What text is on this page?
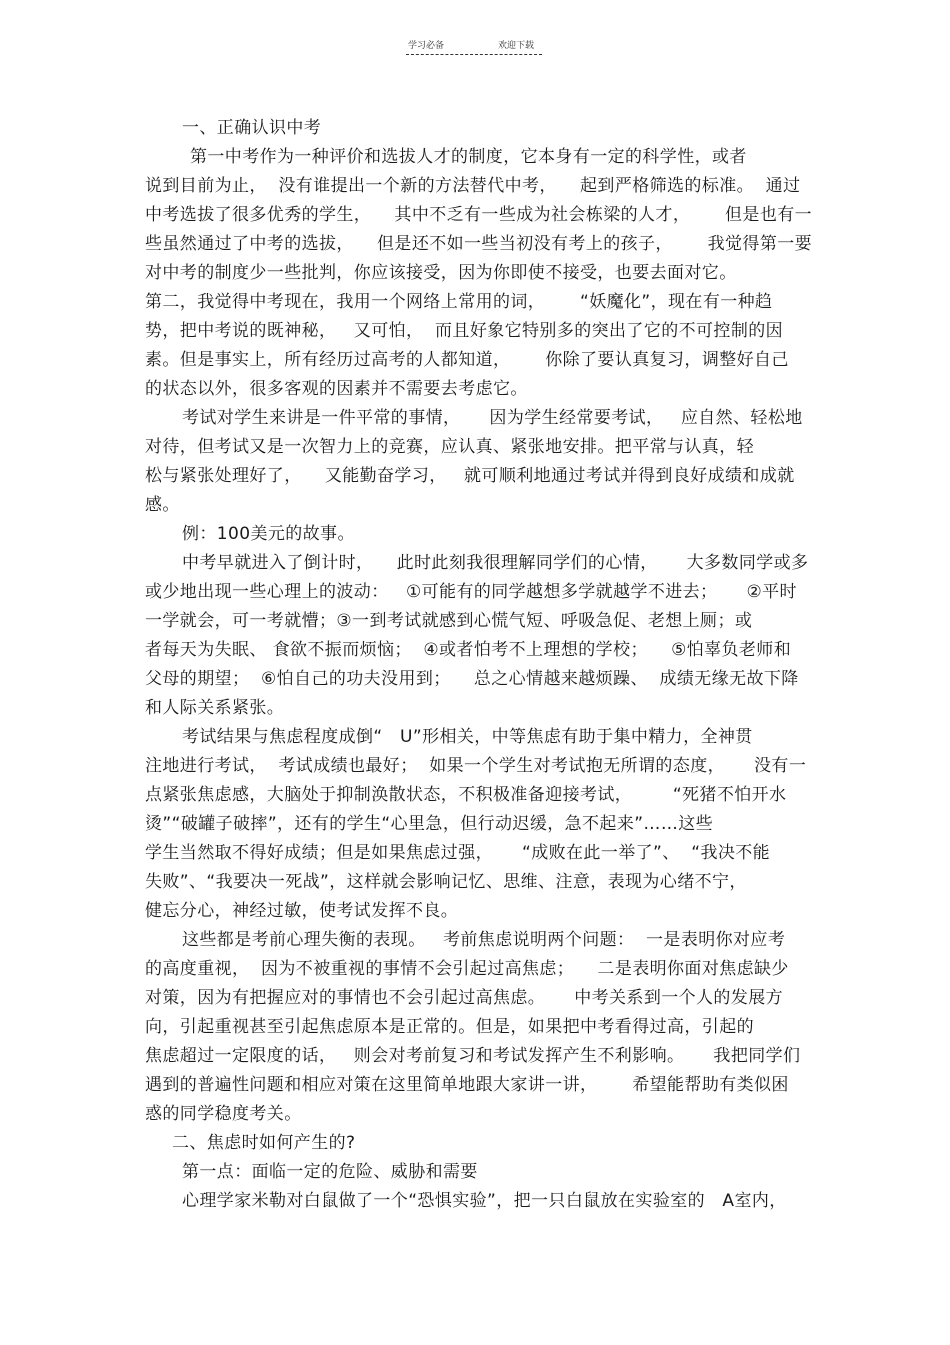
学习必备	欢迎下载
一、正确认识中考
第一中考作为一种评价和选拔人才的制度，它本身有一定的科学性，或者
说到目前为止，  没有谁提出一个新的方法替代中考，    起到严格筛选的标准。  通过
中考选拔了很多优秀的学生，    其中不乏有一些成为社会栋梁的人才，      但是也有一
些虽然通过了中考的选拔，    但是还不如一些当初没有考上的孩子，      我觉得第一要
对中考的制度少一些批判，你应该接受，因为你即使不接受，也要去面对它。
第二，我觉得中考现在，我用一个网络上常用的词，      “妖魔化”，现在有一种趋
势，把中考说的既神秘，   又可怕，  而且好象它特别多的突出了它的不可控制的因
素。但是事实上，所有经历过高考的人都知道，      你除了要认真复习，调整好自己
的状态以外，很多客观的因素并不需要去考虑它。
考试对学生来讲是一件平常的事情，     因为学生经常要考试，   应自然、轻松地
对待，但考试又是一次智力上的竞赛，应认真、紧张地安排。把平常与认真，轻
松与紧张处理好了，    又能勤奋学习，   就可顺利地通过考试并得到良好成绩和成就
感。
例：100美元的故事。
中考早就进入了倒计时，    此时此刻我很理解同学们的心情，     大多数同学或多
或少地出现一些心理上的波动：   ①可能有的同学越想多学就越学不进去；     ②平时
一学就会，可一考就懵；③一到考试就感到心慌气短、呼吸急促、老想上厕；或
者每天为失眠、 食欲不振而烦恼；  ④或者怕考不上理想的学校；    ⑤怕辜负老师和
父母的期望；  ⑥怕自己的功夫没用到；    总之心情越来越烦躁、  成绩无缘无故下降
和人际关系紧张。
考试结果与焦虑程度成倒“   U”形相关，中等焦虑有助于集中精力，全神贯
注地进行考试，  考试成绩也最好；  如果一个学生对考试抱无所谓的态度，     没有一
点紧张焦虑感，大脑处于抑制涣散状态，不积极准备迎接考试，       “死猪不怕开水
烫”“破罐子破摔”，还有的学生“心里急，但行动迟缓，急不起来”……这些
学生当然取不得好成绩；但是如果焦虑过强，     “成败在此一举了”、  “我决不能
失败”、“我要决一死战”，这样就会影响记忆、思维、注意，表现为心绪不宁，
健忘分心，神经过敏，使考试发挥不良。
这些都是考前心理失衡的表现。   考前焦虑说明两个问题：  一是表明你对应考
的高度重视，  因为不被重视的事情不会引起过高焦虑；    二是表明你面对焦虑缺少
对策，因为有把握应对的事情也不会引起过高焦虑。     中考关系到一个人的发展方
向，引起重视甚至引起焦虑原本是正常的。但是，如果把中考看得过高，引起的
焦虑超过一定限度的话，   则会对考前复习和考试发挥产生不利影响。     我把同学们
遇到的普遍性问题和相应对策在这里简单地跟大家讲一讲，      希望能帮助有类似困
惑的同学稳度考关。
二、焦虑时如何产生的?
第一点：面临一定的危险、威胁和需要
心理学家米勒对白鼠做了一个“恐惧实验”，把一只白鼠放在实验室的   A室内，
